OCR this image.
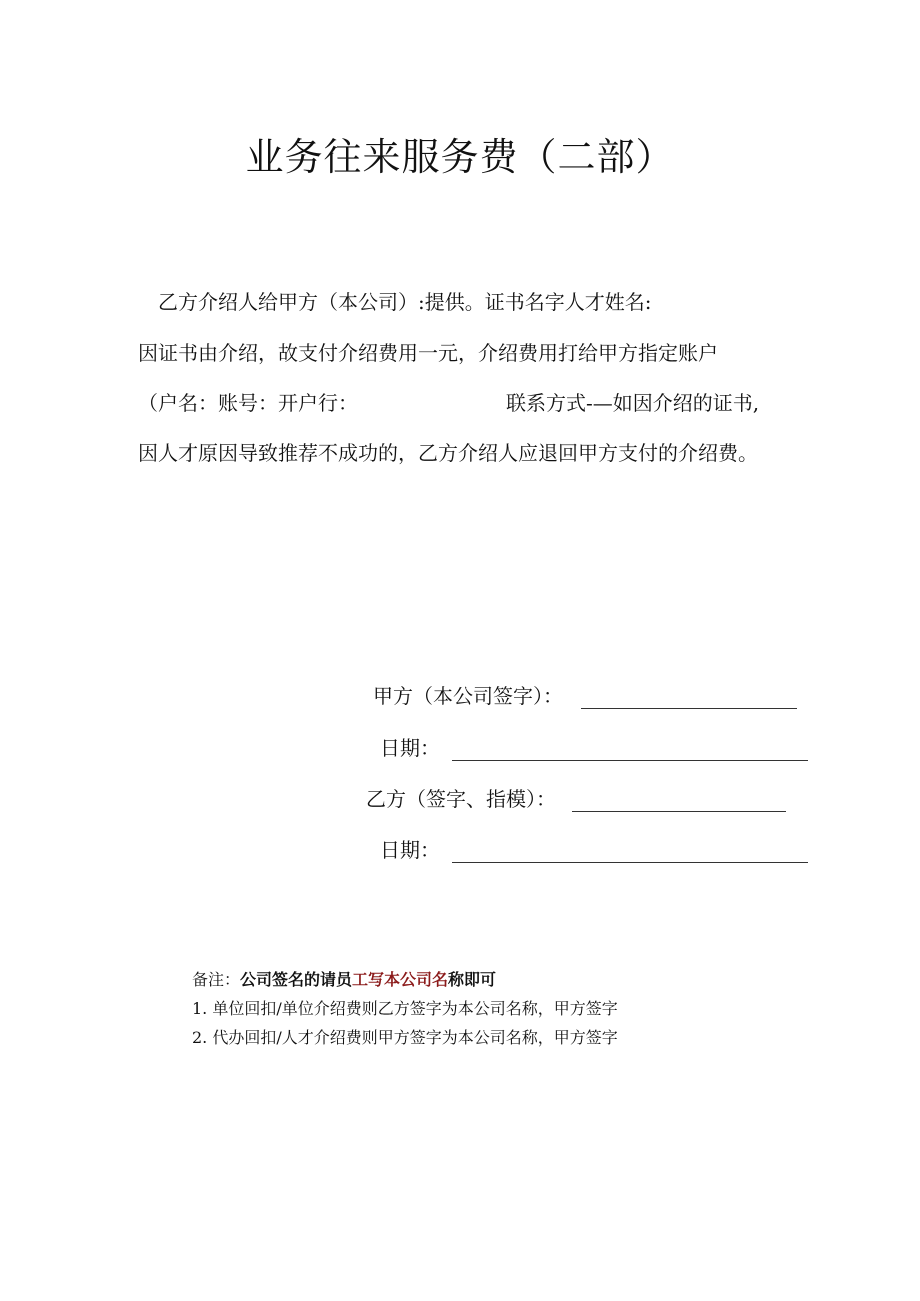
业务往来服务费（二部）

乙方介绍人给甲方（本公司）:提供。证书名字人才姓名:

因证书由介绍，故支付介绍费用一元，介绍费用打给甲方指定账户

（户名：账号：开户行：	联系方式-—如因介绍的证书,

因人才原因导致推荐不成功的，乙方介绍人应退回甲方支付的介绍费。

甲方（本公司签字）：
日期：
乙方（签字、指模）：
日期：

备注：公司签名的请员工写本公司名称即可

1. 单位回扣/单位介绍费则乙方签字为本公司名称，甲方签字

2. 代办回扣/人才介绍费则甲方签字为本公司名称，甲方签字
